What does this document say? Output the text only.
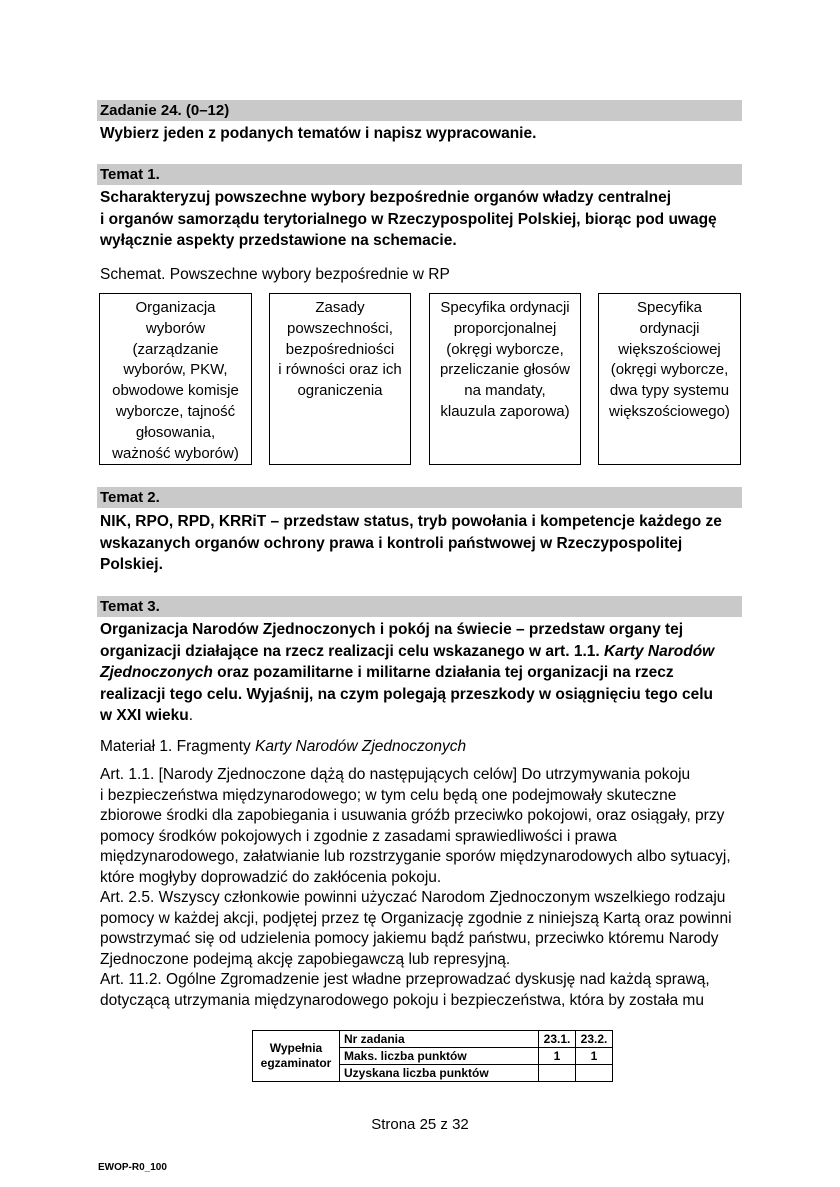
Zadanie 24. (0–12)
Wybierz jeden z podanych tematów i napisz wypracowanie.
Temat 1.
Scharakteryzuj powszechne wybory bezpośrednie organów władzy centralnej
i organów samorządu terytorialnego w Rzeczypospolitej Polskiej, biorąc pod uwagę
wyłącznie aspekty przedstawione na schemacie.
Schemat. Powszechne wybory bezpośrednie w RP
Organizacja
wyborów
(zarządzanie
wyborów, PKW,
obwodowe komisje
wyborcze, tajność
głosowania,
ważność wyborów)
Zasady
powszechności,
bezpośredniości
i równości oraz ich
ograniczenia
Specyfika ordynacji
proporcjonalnej
(okręgi wyborcze,
przeliczanie głosów
na mandaty,
klauzula zaporowa)
Specyfika
ordynacji
większościowej
(okręgi wyborcze,
dwa typy systemu
większościowego)
Temat 2.
NIK, RPO, RPD, KRRiT – przedstaw status, tryb powołania i kompetencje każdego ze
wskazanych organów ochrony prawa i kontroli państwowej w Rzeczypospolitej
Polskiej.
Temat 3.
Organizacja Narodów Zjednoczonych i pokój na świecie – przedstaw organy tej
organizacji działające na rzecz realizacji celu wskazanego w art. 1.1. Karty Narodów
Zjednoczonych oraz pozamilitarne i militarne działania tej organizacji na rzecz
realizacji tego celu. Wyjaśnij, na czym polegają przeszkody w osiągnięciu tego celu
w XXI wieku.
Materiał 1. Fragmenty Karty Narodów Zjednoczonych
Art. 1.1. [Narody Zjednoczone dążą do następujących celów] Do utrzymywania pokoju
i bezpieczeństwa międzynarodowego; w tym celu będą one podejmowały skuteczne
zbiorowe środki dla zapobiegania i usuwania gróźb przeciwko pokojowi, oraz osiągały, przy
pomocy środków pokojowych i zgodnie z zasadami sprawiedliwości i prawa
międzynarodowego, załatwianie lub rozstrzyganie sporów międzynarodowych albo sytuacyj,
które mogłyby doprowadzić do zakłócenia pokoju.
Art. 2.5. Wszyscy członkowie powinni użyczać Narodom Zjednoczonym wszelkiego rodzaju
pomocy w każdej akcji, podjętej przez tę Organizację zgodnie z niniejszą Kartą oraz powinni
powstrzymać się od udzielenia pomocy jakiemu bądź państwu, przeciwko któremu Narody
Zjednoczone podejmą akcję zapobiegawczą lub represyjną.
Art. 11.2. Ogólne Zgromadzenie jest władne przeprowadzać dyskusję nad każdą sprawą,
dotyczącą utrzymania międzynarodowego pokoju i bezpieczeństwa, która by została mu
Wypełnia
egzaminator	Nr zadania	23.1.	23.2.
	Maks. liczba punktów	1	1
	Uzyskana liczba punktów		
Strona 25 z 32
EWOP-R0_100
